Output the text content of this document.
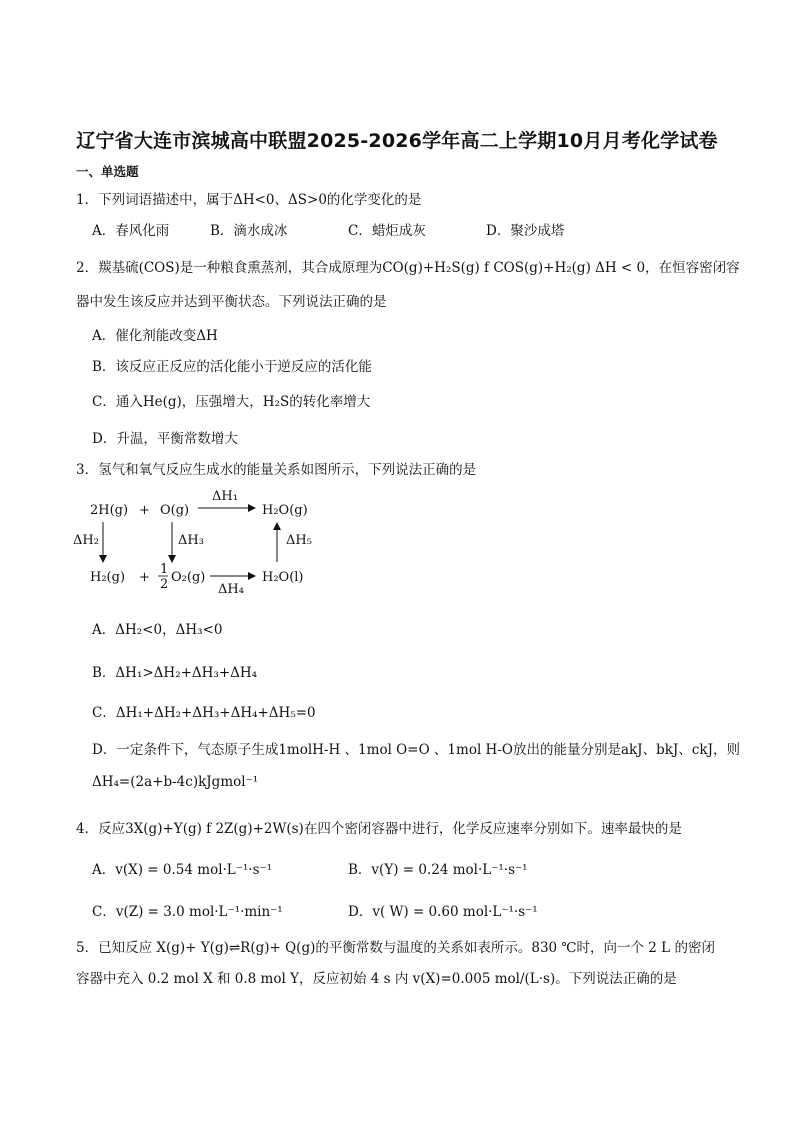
辽宁省大连市滨城高中联盟2025-2026学年高二上学期10月月考化学试卷
一、单选题
1．下列词语描述中，属于ΔH<0、ΔS>0的化学变化的是
A．春风化雨	B．滴水成冰	C．蜡炬成灰	D．聚沙成塔
2．羰基硫(COS)是一种粮食熏蒸剂，其合成原理为CO(g)+H₂S(g) f COS(g)+H₂(g) ΔH < 0，在恒容密闭容
器中发生该反应并达到平衡状态。下列说法正确的是
A．催化剂能改变ΔH
B．该反应正反应的活化能小于逆反应的活化能
C．通入He(g)，压强增大，H₂S的转化率增大
D．升温，平衡常数增大
3．氢气和氧气反应生成水的能量关系如图所示，下列说法正确的是
2H(g) + O(g)	H₂O(g)
ΔH₁
ΔH₂	ΔH₃	ΔH₅
H₂(g) +
1
2 O₂(g)	H₂O(l)
ΔH₄
A．ΔH₂<0，ΔH₃<0
B．ΔH₁>ΔH₂+ΔH₃+ΔH₄
C．ΔH₁+ΔH₂+ΔH₃+ΔH₄+ΔH₅=0
D．一定条件下，气态原子生成1molH-H 、1mol O=O 、1mol H-O放出的能量分别是akJ、bkJ、ckJ，则
ΔH₄=(2a+b-4c)kJgmol⁻¹
4．反应3X(g)+Y(g) f 2Z(g)+2W(s)在四个密闭容器中进行，化学反应速率分别如下。速率最快的是
A．v(X) = 0.54 mol·L⁻¹·s⁻¹	B．v(Y) = 0.24 mol·L⁻¹·s⁻¹
C．v(Z) = 3.0 mol·L⁻¹·min⁻¹	D．v( W) = 0.60 mol·L⁻¹·s⁻¹
5．已知反应 X(g)+ Y(g)⇌R(g)+ Q(g)的平衡常数与温度的关系如表所示。830 ℃时，向一个 2 L 的密闭
容器中充入 0.2 mol X 和 0.8 mol Y，反应初始 4 s 内 v(X)=0.005 mol/(L·s)。下列说法正确的是
